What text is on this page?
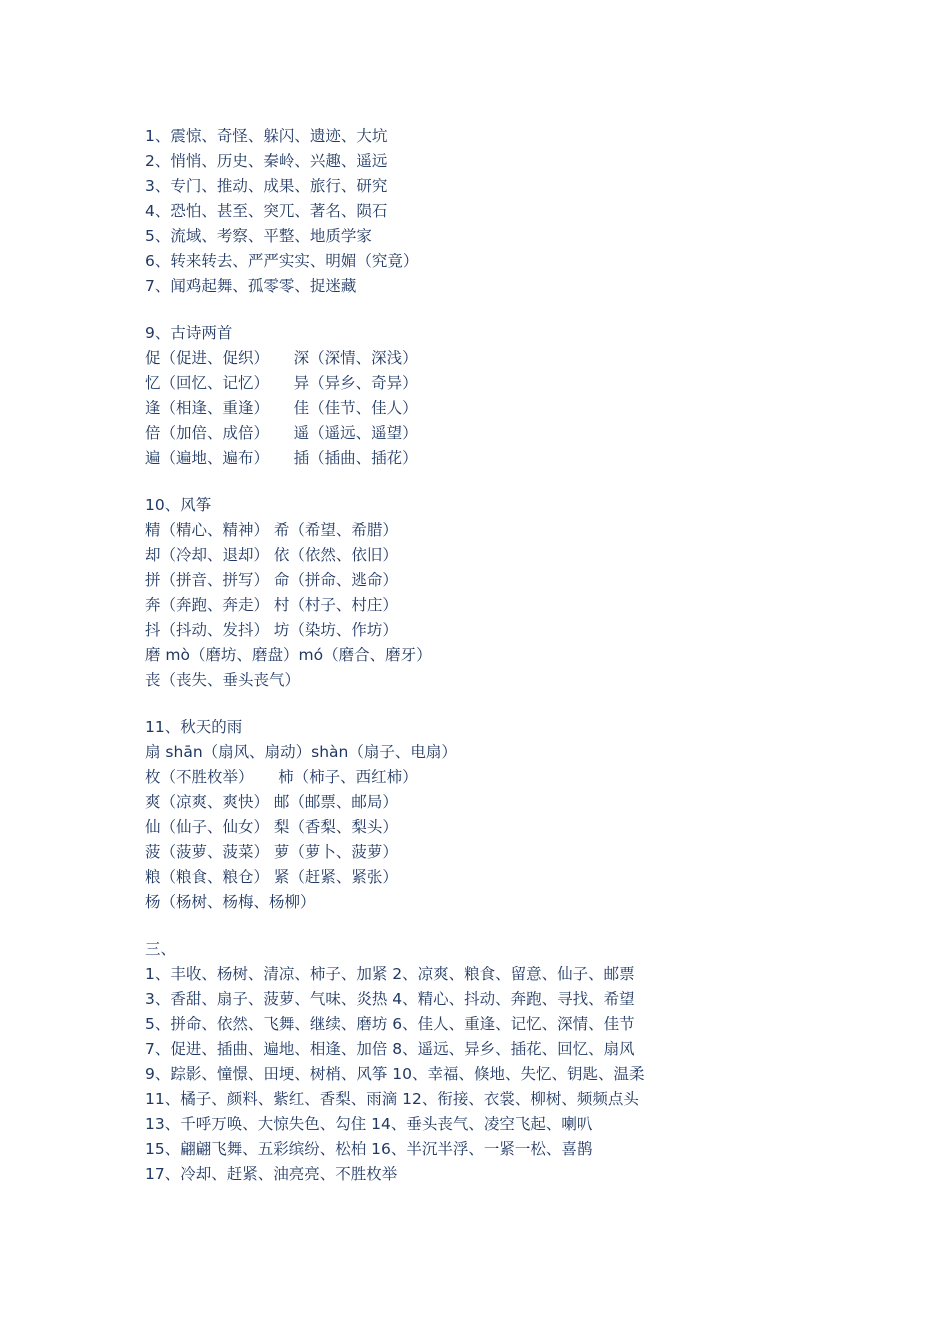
1、震惊、奇怪、躲闪、遗迹、大坑
2、悄悄、历史、秦岭、兴趣、遥远
3、专门、推动、成果、旅行、研究
4、恐怕、甚至、突兀、著名、陨石
5、流域、考察、平整、地质学家
6、转来转去、严严实实、明媚（究竟）
7、闻鸡起舞、孤零零、捉迷藏
9、古诗两首
促（促进、促织）     深（深情、深浅）
忆（回忆、记忆）     异（异乡、奇异）
逢（相逢、重逢）     佳（佳节、佳人）
倍（加倍、成倍）     遥（遥远、遥望）
遍（遍地、遍布）     插（插曲、插花）
10、风筝
精（精心、精神） 希（希望、希腊）
却（冷却、退却） 依（依然、依旧）
拼（拼音、拼写） 命（拼命、逃命）
奔（奔跑、奔走） 村（村子、村庄）
抖（抖动、发抖） 坊（染坊、作坊）
磨 mò（磨坊、磨盘）mó（磨合、磨牙）
丧（丧失、垂头丧气）
11、秋天的雨
扇 shān（扇风、扇动）shàn（扇子、电扇）
枚（不胜枚举）     柿（柿子、西红柿）
爽（凉爽、爽快） 邮（邮票、邮局）
仙（仙子、仙女） 梨（香梨、梨头）
菠（菠萝、菠菜） 萝（萝卜、菠萝）
粮（粮食、粮仓） 紧（赶紧、紧张）
杨（杨树、杨梅、杨柳）
三、
1、丰收、杨树、清凉、柿子、加紧 2、凉爽、粮食、留意、仙子、邮票
3、香甜、扇子、菠萝、气味、炎热 4、精心、抖动、奔跑、寻找、希望
5、拼命、依然、飞舞、继续、磨坊 6、佳人、重逢、记忆、深情、佳节
7、促进、插曲、遍地、相逢、加倍 8、遥远、异乡、插花、回忆、扇风
9、踪影、憧憬、田埂、树梢、风筝 10、幸福、倏地、失忆、钥匙、温柔
11、橘子、颜料、紫红、香梨、雨滴 12、衔接、衣裳、柳树、频频点头
13、千呼万唤、大惊失色、勾住 14、垂头丧气、凌空飞起、喇叭
15、翩翩飞舞、五彩缤纷、松柏 16、半沉半浮、一紧一松、喜鹊
17、冷却、赶紧、油亮亮、不胜枚举
